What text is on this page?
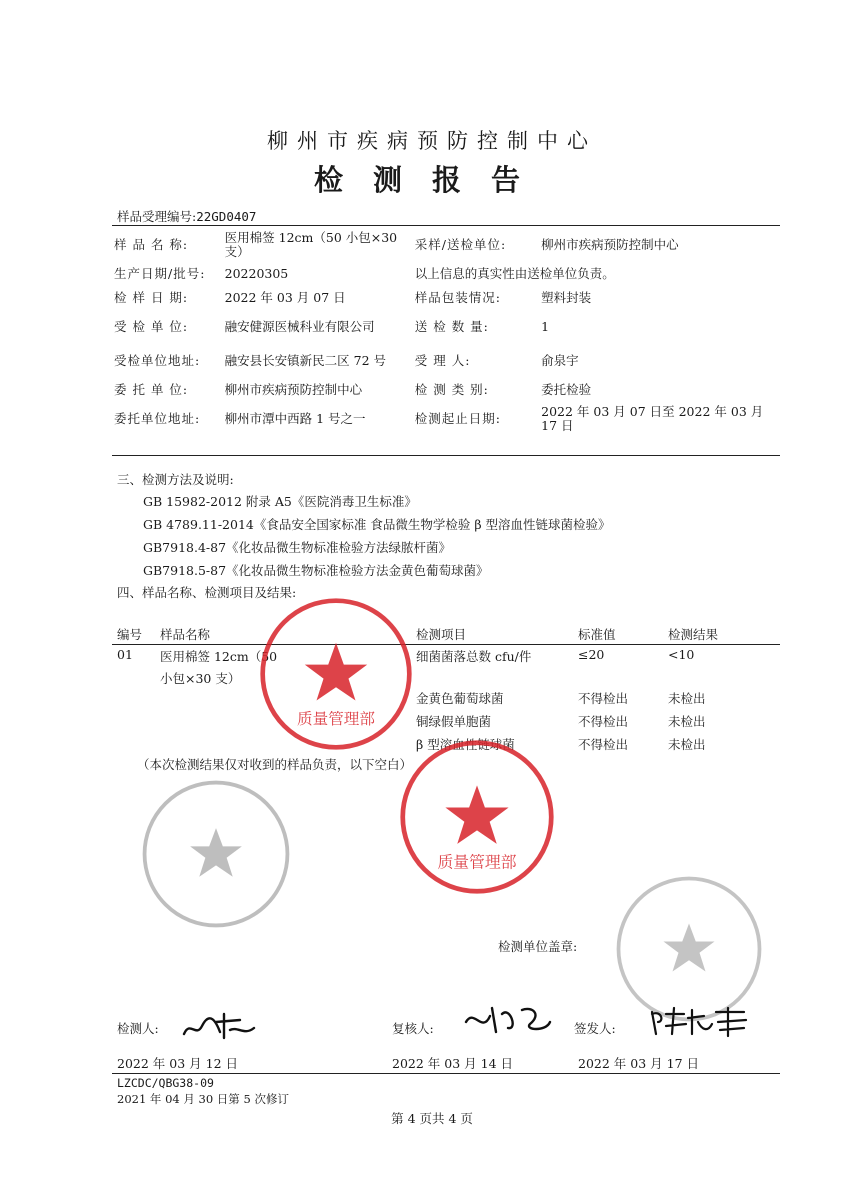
柳州市疾病预防控制中心
检测报告
样品受理编号:22GD0407
样 品 名 称:	医用棉签 12cm（50 小包×30 支）	采样/送检单位:	柳州市疾病预防控制中心
生产日期/批号:	20220305	以上信息的真实性由送检单位负责。	
检 样 日 期:	2022 年 03 月 07 日	样品包装情况:	塑料封装
受 检 单 位:	融安健源医械科业有限公司	送 检 数 量:	1
受检单位地址:	融安县长安镇新民二区 72 号	受 理 人:	俞泉宇
委 托 单 位:	柳州市疾病预防控制中心	检 测 类 别:	委托检验
委托单位地址:	柳州市潭中西路 1 号之一	检测起止日期:	2022 年 03 月 07 日至 2022 年 03 月 17 日
三、检测方法及说明:
GB 15982-2012 附录 A5《医院消毒卫生标准》
GB 4789.11-2014《食品安全国家标准 食品微生物学检验 β 型溶血性链球菌检验》
GB7918.4-87《化妆品微生物标准检验方法绿脓杆菌》
GB7918.5-87《化妆品微生物标准检验方法金黄色葡萄球菌》
四、样品名称、检测项目及结果:
编号 样品名称	检测项目	标准值	检测结果
01 医用棉签 12cm（50
小包×30 支）
细菌菌落总数 cfu/件	≤20	<10
金黄色葡萄球菌	不得检出	未检出
铜绿假单胞菌	不得检出	未检出
β 型溶血性链球菌	不得检出	未检出
（本次检测结果仅对收到的样品负责，以下空白）
检测单位盖章:
质量管理部
质量管理部
检测人:
2022 年 03 月 12 日
复核人:
2022 年 03 月 14 日
签发人:
2022 年 03 月 17 日
LZCDC/QBG38-09
2021 年 04 月 30 日第 5 次修订
第 4 页共 4 页
